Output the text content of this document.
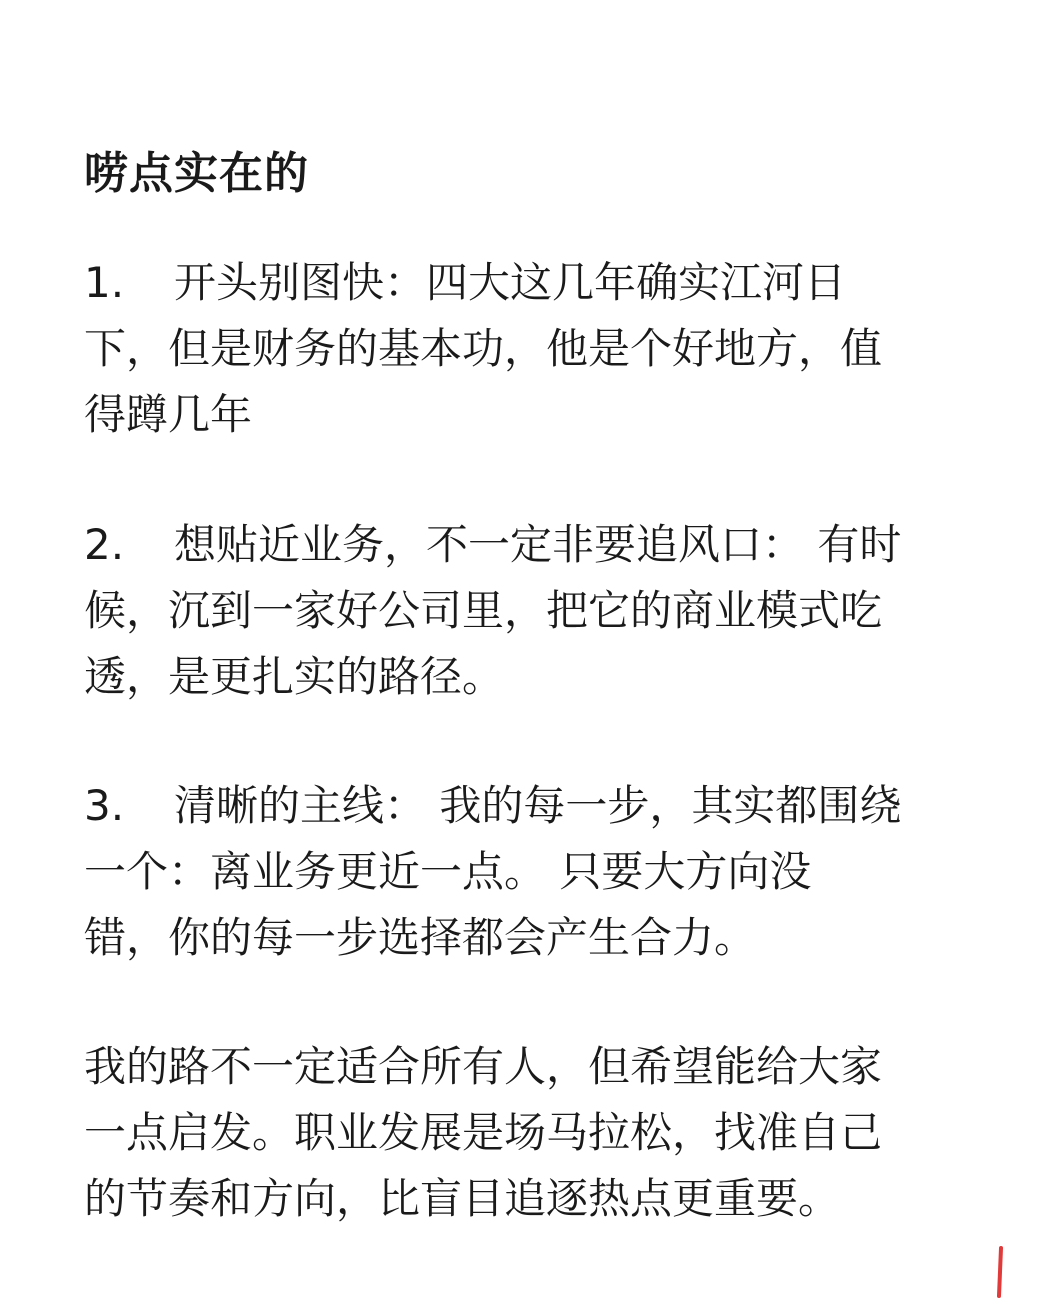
唠点实在的
1. 开头别图快：四大这几年确实江河日
下，但是财务的基本功，他是个好地方，值
得蹲几年
2. 想贴近业务，不一定非要追风口： 有时
候，沉到一家好公司里，把它的商业模式吃
透，是更扎实的路径。
3. 清晰的主线： 我的每一步，其实都围绕
一个：离业务更近一点。 只要大方向没
错，你的每一步选择都会产生合力。
我的路不一定适合所有人，但希望能给大家
一点启发。职业发展是场马拉松，找准自己
的节奏和方向，比盲目追逐热点更重要。
